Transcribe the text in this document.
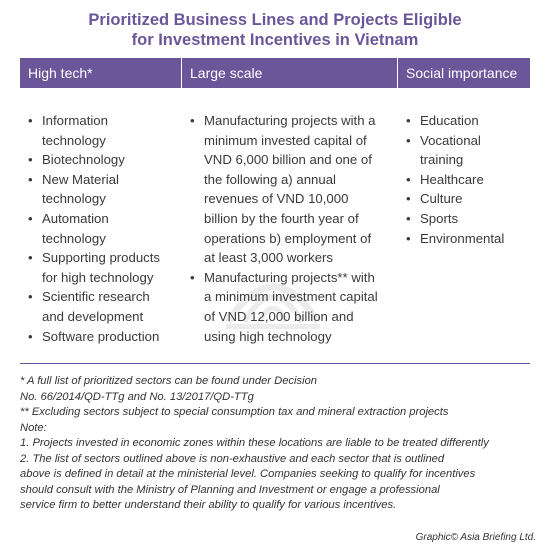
Prioritized Business Lines and Projects Eligible
for Investment Incentives in Vietnam
High tech*	Large scale	Social importance
• Information technology
• Biotechnology
• New Material technology
• Automation technology
• Supporting products for high technology
• Scientific research and development
• Software production
• Manufacturing projects with a minimum invested capital of VND 6,000 billion and one of the following a) annual revenues of VND 10,000 billion by the fourth year of operations b) employment of at least 3,000 workers
• Manufacturing projects** with a minimum investment capital of VND 12,000 billion and using high technology
• Education
• Vocational training
• Healthcare
• Culture
• Sports
• Environmental
* A full list of prioritized sectors can be found under Decision
No. 66/2014/QD-TTg and No. 13/2017/QD-TTg
** Excluding sectors subject to special consumption tax and mineral extraction projects
Note:
1. Projects invested in economic zones within these locations are liable to be treated differently
2. The list of sectors outlined above is non-exhaustive and each sector that is outlined
above is defined in detail at the ministerial level. Companies seeking to qualify for incentives
should consult with the Ministry of Planning and Investment or engage a professional
service firm to better understand their ability to qualify for various incentives.
Graphic© Asia Briefing Ltd.
